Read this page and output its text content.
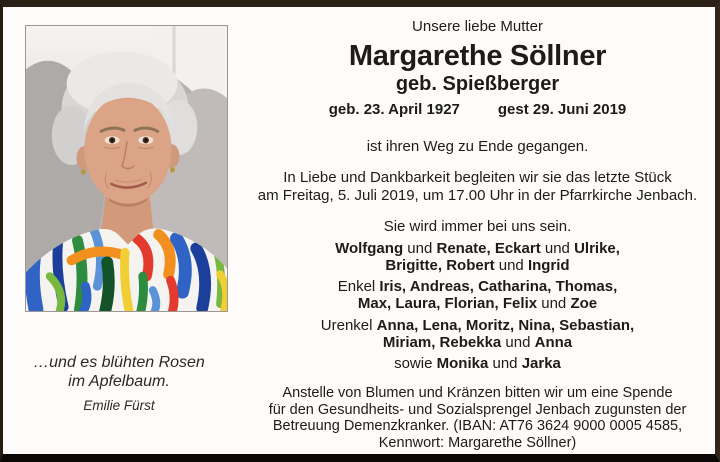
…und es blühten Rosen
im Apfelbaum.
Emilie Fürst
Unsere liebe Mutter
Margarethe Söllner
geb. Spießberger
geb. 23. April 1927	gest 29. Juni 2019
ist ihren Weg zu Ende gegangen.
In Liebe und Dankbarkeit begleiten wir sie das letzte Stück
am Freitag, 5. Juli 2019, um 17.00 Uhr in der Pfarrkirche Jenbach.
Sie wird immer bei uns sein.
Wolfgang und Renate, Eckart und Ulrike,
Brigitte, Robert und Ingrid
Enkel Iris, Andreas, Catharina, Thomas,
Max, Laura, Florian, Felix und Zoe
Urenkel Anna, Lena, Moritz, Nina, Sebastian,
Miriam, Rebekka und Anna
sowie Monika und Jarka
Anstelle von Blumen und Kränzen bitten wir um eine Spende
für den Gesundheits- und Sozialsprengel Jenbach zugunsten der
Betreuung Demenzkranker. (IBAN: AT76 3624 9000 0005 4585,
Kennwort: Margarethe Söllner)
